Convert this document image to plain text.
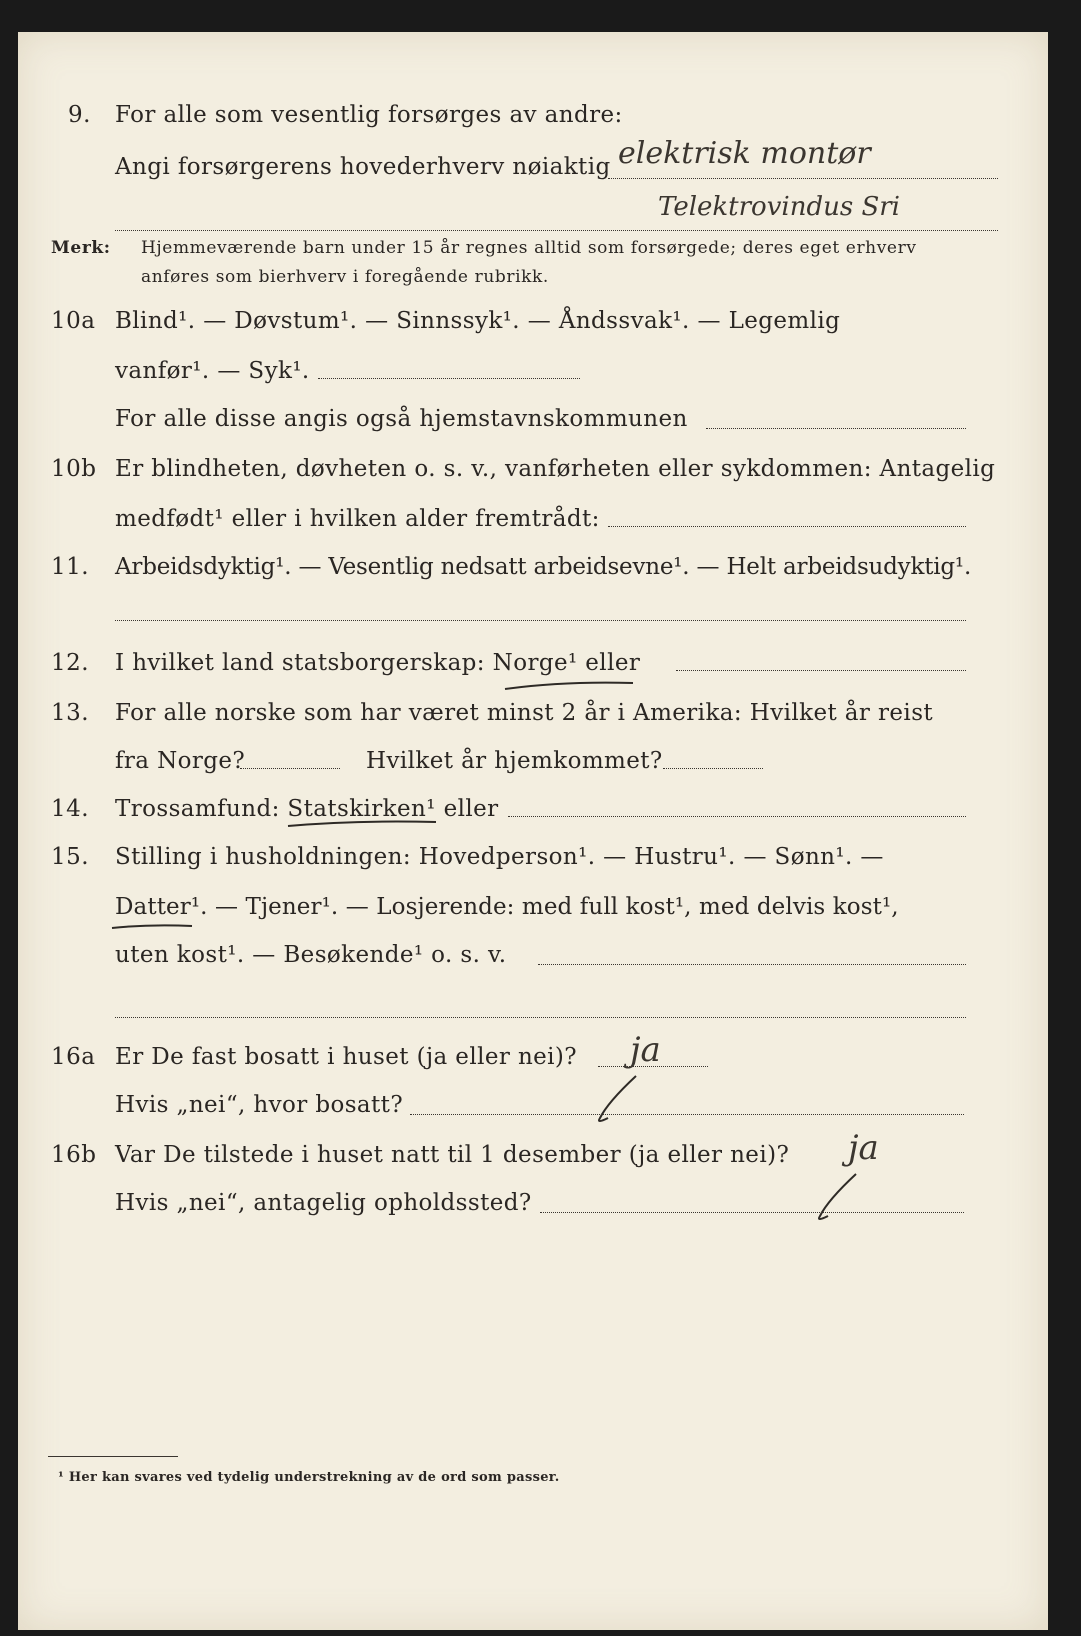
9. For alle som vesentlig forsørges av andre:
Angi forsørgerens hovederhverv nøiaktig elektrisk montør
Telektrovindus Sri
Merk: Hjemmeværende barn under 15 år regnes alltid som forsørgede; deres eget erhverv
anføres som bierhverv i foregående rubrikk.
10a Blind¹. — Døvstum¹. — Sinnssyk¹. — Åndssvak¹. — Legemlig
vanfør¹. — Syk¹.
For alle disse angis også hjemstavnskommunen
10b Er blindheten, døvheten o. s. v., vanførheten eller sykdommen: Antagelig
medfødt¹ eller i hvilken alder fremtrådt:
11. Arbeidsdyktig¹. — Vesentlig nedsatt arbeidsevne¹. — Helt arbeidsudyktig¹.
12. I hvilket land statsborgerskap: Norge¹ eller
13. For alle norske som har været minst 2 år i Amerika: Hvilket år reist
fra Norge?	Hvilket år hjemkommet?
14. Trossamfund: Statskirken¹ eller
15. Stilling i husholdningen: Hovedperson¹. — Hustru¹. — Sønn¹. —
Datter¹. — Tjener¹. — Losjerende: med full kost¹, med delvis kost¹,
uten kost¹. — Besøkende¹ o. s. v.
16a Er De fast bosatt i huset (ja eller nei)? ja
Hvis „nei“, hvor bosatt?
16b Var De tilstede i huset natt til 1 desember (ja eller nei)? ja
Hvis „nei“, antagelig opholdssted?
¹ Her kan svares ved tydelig understrekning av de ord som passer.
